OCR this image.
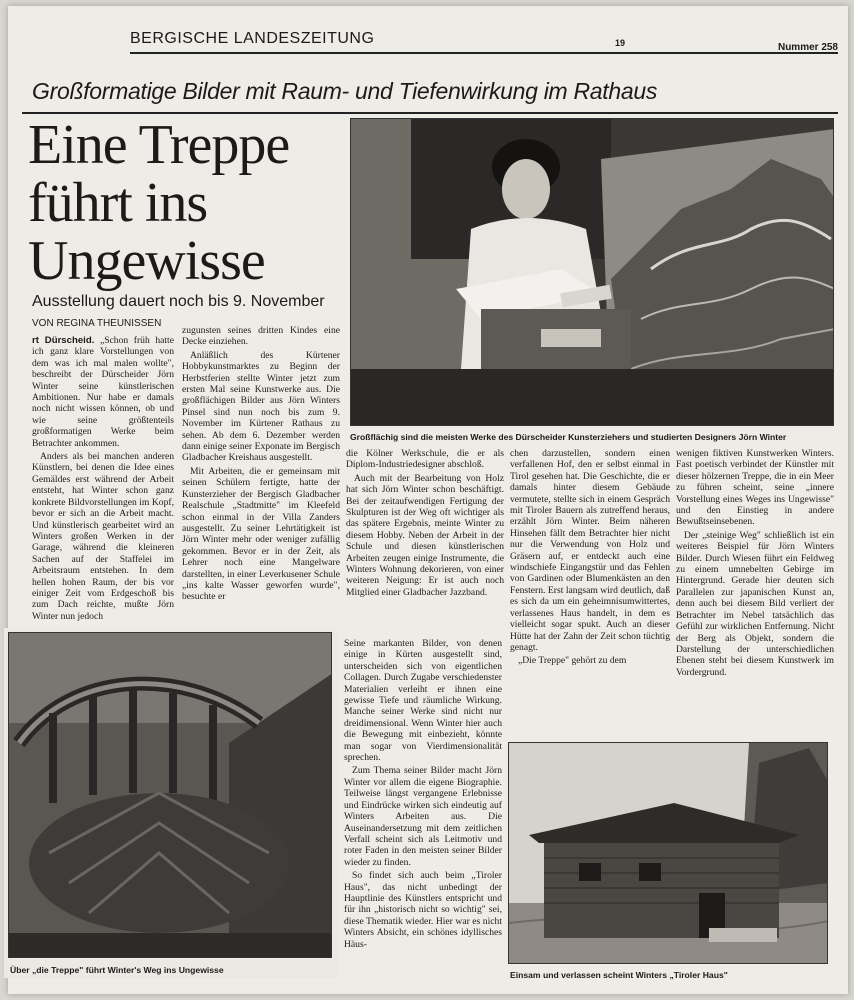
BERGISCHE LANDESZEITUNG	19	Nummer 258
Großformatige Bilder mit Raum- und Tiefenwirkung im Rathaus
Eine Treppe
führt ins
Ungewisse
Ausstellung dauert noch bis 9. November
VON REGINA THEUNISSEN
Großflächig sind die meisten Werke des Dürscheider Kunsterziehers und studierten Designers Jörn Winter

rt Dürscheid. „Schon früh hatte ich ganz klare Vorstellungen von dem was ich mal malen wollte", beschreibt der Dürscheider Jörn Winter seine künstlerischen Ambitionen. Nur habe er damals noch nicht wissen können, ob und wie seine größtenteils großformatigen Werke beim Betrachter ankommen.

Anders als bei manchen anderen Künstlern, bei denen die Idee eines Gemäldes erst während der Arbeit entsteht, hat Winter schon ganz konkrete Bildvorstellungen im Kopf, bevor er sich an die Arbeit macht. Und künstlerisch gearbeitet wird an Winters großen Werken in der Garage, während die kleineren Sachen auf der Staffelei im Arbeitsraum entstehen. In dem hellen hohen Raum, der bis vor einiger Zeit vom Erdgeschoß bis zum Dach reichte, mußte Jörn Winter nun jedoch

zugunsten seines dritten Kindes eine Decke einziehen.

Anläßlich des Kürtener Hobbykunstmarktes zu Beginn der Herbstferien stellte Winter jetzt zum ersten Mal seine Kunstwerke aus. Die großflächigen Bilder aus Jörn Winters Pinsel sind nun noch bis zum 9. November im Kürtener Rathaus zu sehen. Ab dem 6. Dezember werden dann einige seiner Exponate im Bergisch Gladbacher Kreishaus ausgestellt.

Mit Arbeiten, die er gemeinsam mit seinen Schülern fertigte, hatte der Kunsterzieher der Bergisch Gladbacher Realschule „Stadtmitte" im Kleefeld schon einmal in der Villa Zanders ausgestellt. Zu seiner Lehrtätigkeit ist Jörn Winter mehr oder weniger zufällig gekommen. Bevor er in der Zeit, als Lehrer noch eine Mangelware darstellten, in einer Leverkusener Schule „ins kalte Wasser geworfen wurde", besuchte er

die Kölner Werkschule, die er als Diplom-Industriedesigner abschloß.

Auch mit der Bearbeitung von Holz hat sich Jörn Winter schon beschäftigt. Bei der zeitaufwendigen Fertigung der Skulpturen ist der Weg oft wichtiger als das spätere Ergebnis, meinte Winter zu diesem Hobby. Neben der Arbeit in der Schule und diesen künstlerischen Arbeiten zeugen einige Instrumente, die Winters Wohnung dekorieren, von einer weiteren Neigung: Er ist auch noch Mitglied einer Gladbacher Jazzband.

chen darzustellen, sondern einen verfallenen Hof, den er selbst einmal in Tirol gesehen hat. Die Geschichte, die er damals hinter diesem Gebäude vermutete, stellte sich in einem Gespräch mit Tiroler Bauern als zutreffend heraus, erzählt Jörn Winter. Beim näheren Hinsehen fällt dem Betrachter hier nicht nur die Verwendung von Holz und Gräsern auf, er entdeckt auch eine windschiefe Eingangstür und das Fehlen von Gardinen oder Blumenkästen an den Fenstern. Erst langsam wird deutlich, daß es sich da um ein geheimnisumwittertes, verlassenes Haus handelt, in dem es vielleicht sogar spukt. Auch an dieser Hütte hat der Zahn der Zeit schon tüchtig genagt.

„Die Treppe" gehört zu dem

wenigen fiktiven Kunstwerken Winters. Fast poetisch verbindet der Künstler mit dieser hölzernen Treppe, die in ein Meer zu führen scheint, seine „innere Vorstellung eines Weges ins Ungewisse" und den Einstieg in andere Bewußtseinsebenen.

Der „steinige Weg" schließlich ist ein weiteres Beispiel für Jörn Winters Bilder. Durch Wiesen führt ein Feldweg zu einem umnebelten Gebirge im Hintergrund. Gerade hier deuten sich Parallelen zur japanischen Kunst an, denn auch bei diesem Bild verliert der Betrachter im Nebel tatsächlich das Gefühl zur wirklichen Entfernung. Nicht der Berg als Objekt, sondern die Darstellung der unterschiedlichen Ebenen steht bei diesem Kunstwerk im Vordergrund.

Über „die Treppe" führt Winter's Weg ins Ungewisse

Seine markanten Bilder, von denen einige in Kürten ausgestellt sind, unterscheiden sich von eigentlichen Collagen. Durch Zugabe verschiedenster Materialien verleiht er ihnen eine gewisse Tiefe und räumliche Wirkung. Manche seiner Werke sind nicht nur dreidimensional. Wenn Winter hier auch die Bewegung mit einbezieht, könnte man sogar von Vierdimensionalität sprechen.

Zum Thema seiner Bilder macht Jörn Winter vor allem die eigene Biographie. Teilweise längst vergangene Erlebnisse und Eindrücke wirken sich eindeutig auf Winters Arbeiten aus. Die Auseinandersetzung mit dem zeitlichen Verfall scheint sich als Leitmotiv und roter Faden in den meisten seiner Bilder wieder zu finden.

So findet sich auch beim „Tiroler Haus", das nicht unbedingt der Hauptlinie des Künstlers entspricht und für ihn „historisch nicht so wichtig" sei, diese Thematik wieder. Hier war es nicht Winters Absicht, ein schönes idyllisches Häus-

Einsam und verlassen scheint Winters „Tiroler Haus"
